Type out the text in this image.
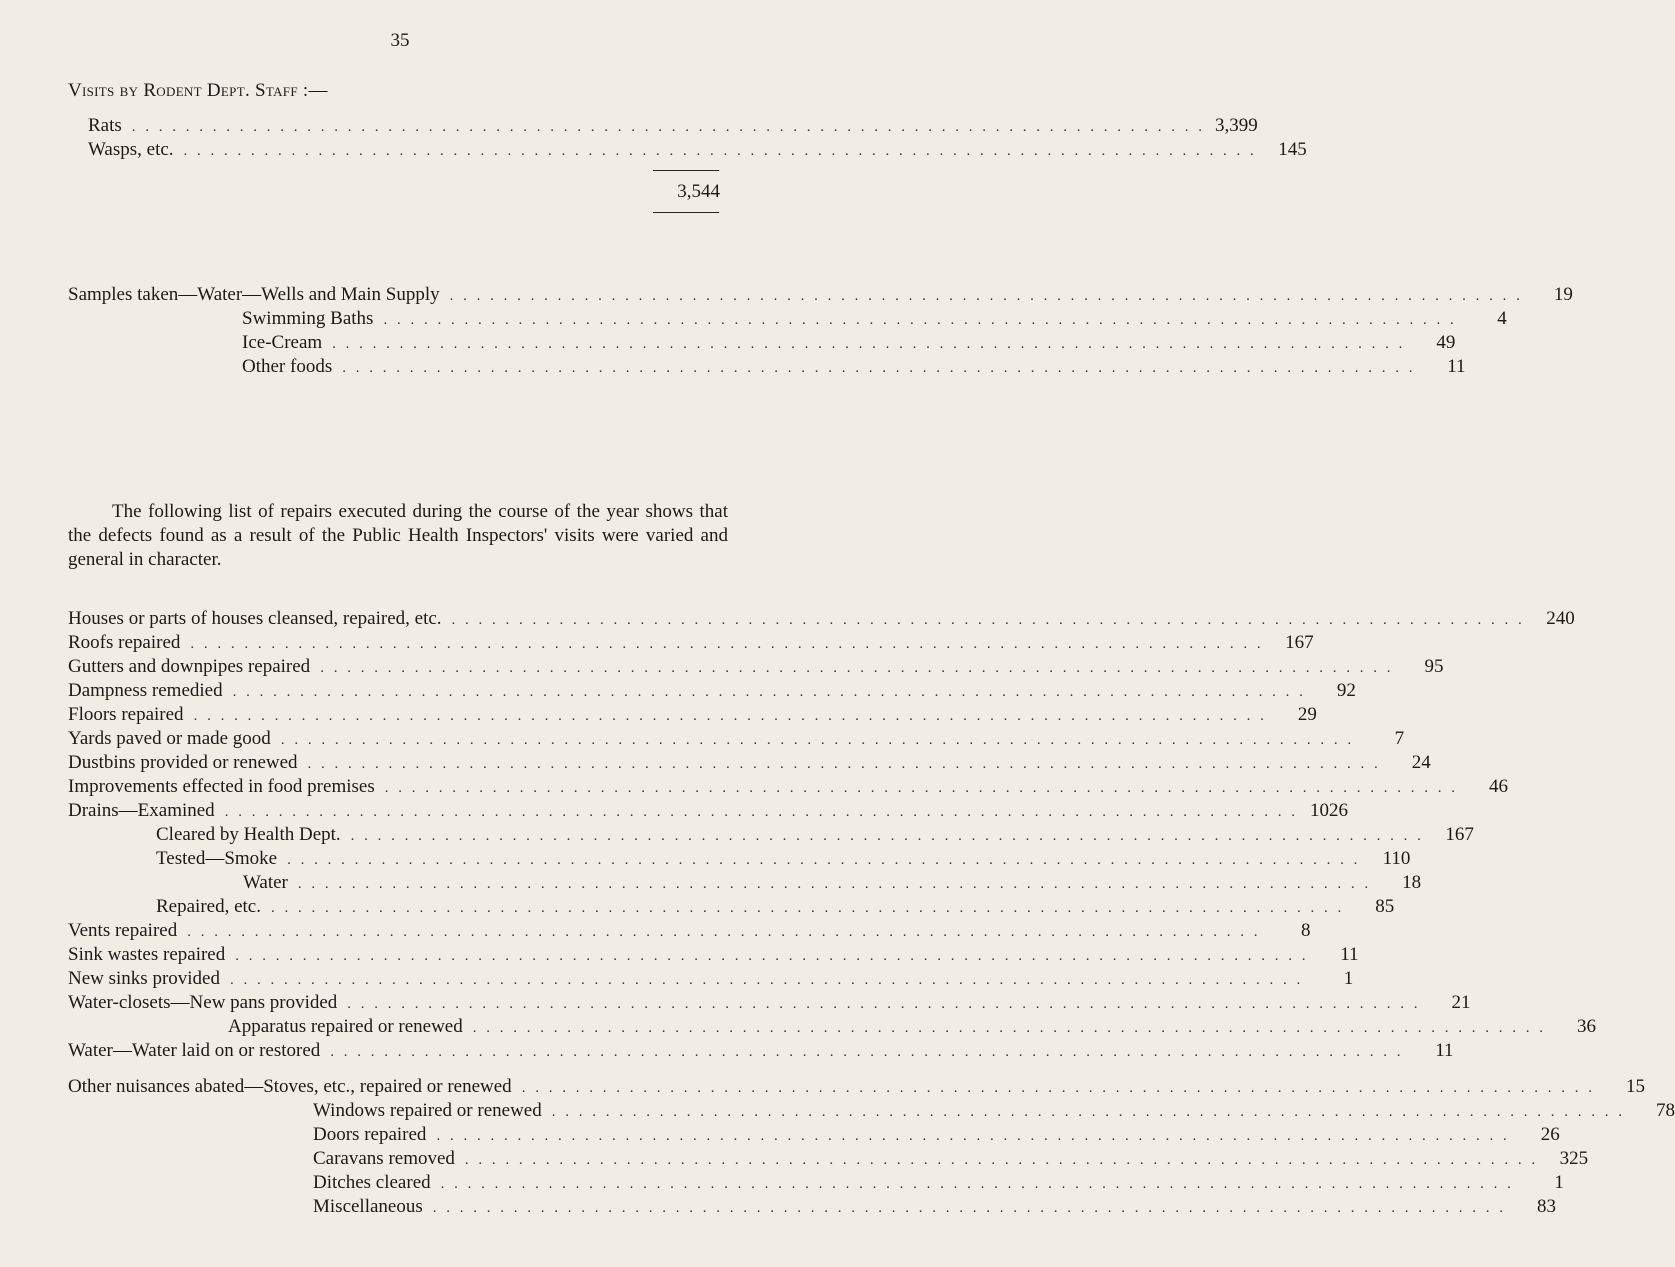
35
Visits by Rodent Dept. Staff :—
Rats . . . . . . . . . . . . . . . . . . . . . . . . . . . . . . . . . . . . . . . . . . . . . . . . . . . . . . . . . . . . . . . . . . . . . . . . . . . . . . . . 3,399
Wasps, etc. . . . . . . . . . . . . . . . . . . . . . . . . . . . . . . . . . . . . . . . . . . . . . . . . . . . . . . . . . . . . . . . . . . . . . . . . . . . . . . . .	145
3,544
Samples taken—Water—Wells and Main Supply . . . . . . . . . . . . . . . . . . . . . . . . . . . . . . . . . . . . . . . . . . . . . . . . . . . . . . . . . . . . . . . . . . . . . . . . . . . . . . . .	19
Swimming Baths . . . . . . . . . . . . . . . . . . . . . . . . . . . . . . . . . . . . . . . . . . . . . . . . . . . . . . . . . . . . . . . . . . . . . . . . . . . . . . . .	4
Ice-Cream . . . . . . . . . . . . . . . . . . . . . . . . . . . . . . . . . . . . . . . . . . . . . . . . . . . . . . . . . . . . . . . . . . . . . . . . . . . . . . . .	49
Other foods . . . . . . . . . . . . . . . . . . . . . . . . . . . . . . . . . . . . . . . . . . . . . . . . . . . . . . . . . . . . . . . . . . . . . . . . . . . . . . . .	11
The following list of repairs executed during the course of the year shows that the defects found as a result of the Public Health Inspectors' visits were varied and general in character.
Houses or parts of houses cleansed, repaired, etc. . . . . . . . . . . . . . . . . . . . . . . . . . . . . . . . . . . . . . . . . . . . . . . . . . . . . . . . . . . . . . . . . . . . . . . . . . . . . . . . .	240
Roofs repaired . . . . . . . . . . . . . . . . . . . . . . . . . . . . . . . . . . . . . . . . . . . . . . . . . . . . . . . . . . . . . . . . . . . . . . . . . . . . . . . .	167
Gutters and downpipes repaired . . . . . . . . . . . . . . . . . . . . . . . . . . . . . . . . . . . . . . . . . . . . . . . . . . . . . . . . . . . . . . . . . . . . . . . . . . . . . . . .	95
Dampness remedied . . . . . . . . . . . . . . . . . . . . . . . . . . . . . . . . . . . . . . . . . . . . . . . . . . . . . . . . . . . . . . . . . . . . . . . . . . . . . . . .	92
Floors repaired . . . . . . . . . . . . . . . . . . . . . . . . . . . . . . . . . . . . . . . . . . . . . . . . . . . . . . . . . . . . . . . . . . . . . . . . . . . . . . . .	29
Yards paved or made good . . . . . . . . . . . . . . . . . . . . . . . . . . . . . . . . . . . . . . . . . . . . . . . . . . . . . . . . . . . . . . . . . . . . . . . . . . . . . . . .	7
Dustbins provided or renewed . . . . . . . . . . . . . . . . . . . . . . . . . . . . . . . . . . . . . . . . . . . . . . . . . . . . . . . . . . . . . . . . . . . . . . . . . . . . . . . .	24
Improvements effected in food premises . . . . . . . . . . . . . . . . . . . . . . . . . . . . . . . . . . . . . . . . . . . . . . . . . . . . . . . . . . . . . . . . . . . . . . . . . . . . . . . .	46
Drains—Examined . . . . . . . . . . . . . . . . . . . . . . . . . . . . . . . . . . . . . . . . . . . . . . . . . . . . . . . . . . . . . . . . . . . . . . . . . . . . . . . . 1026
Cleared by Health Dept. . . . . . . . . . . . . . . . . . . . . . . . . . . . . . . . . . . . . . . . . . . . . . . . . . . . . . . . . . . . . . . . . . . . . . . . . . . . . . . . .	167
Tested—Smoke . . . . . . . . . . . . . . . . . . . . . . . . . . . . . . . . . . . . . . . . . . . . . . . . . . . . . . . . . . . . . . . . . . . . . . . . . . . . . . . .	110
Water . . . . . . . . . . . . . . . . . . . . . . . . . . . . . . . . . . . . . . . . . . . . . . . . . . . . . . . . . . . . . . . . . . . . . . . . . . . . . . . .	18
Repaired, etc. . . . . . . . . . . . . . . . . . . . . . . . . . . . . . . . . . . . . . . . . . . . . . . . . . . . . . . . . . . . . . . . . . . . . . . . . . . . . . . . .	85
Vents repaired . . . . . . . . . . . . . . . . . . . . . . . . . . . . . . . . . . . . . . . . . . . . . . . . . . . . . . . . . . . . . . . . . . . . . . . . . . . . . . . .	8
Sink wastes repaired . . . . . . . . . . . . . . . . . . . . . . . . . . . . . . . . . . . . . . . . . . . . . . . . . . . . . . . . . . . . . . . . . . . . . . . . . . . . . . . .	11
New sinks provided . . . . . . . . . . . . . . . . . . . . . . . . . . . . . . . . . . . . . . . . . . . . . . . . . . . . . . . . . . . . . . . . . . . . . . . . . . . . . . . .	1
Water-closets—New pans provided . . . . . . . . . . . . . . . . . . . . . . . . . . . . . . . . . . . . . . . . . . . . . . . . . . . . . . . . . . . . . . . . . . . . . . . . . . . . . . . .	21
Apparatus repaired or renewed . . . . . . . . . . . . . . . . . . . . . . . . . . . . . . . . . . . . . . . . . . . . . . . . . . . . . . . . . . . . . . . . . . . . . . . . . . . . . . . .	36
Water—Water laid on or restored . . . . . . . . . . . . . . . . . . . . . . . . . . . . . . . . . . . . . . . . . . . . . . . . . . . . . . . . . . . . . . . . . . . . . . . . . . . . . . . .	11
Other nuisances abated—Stoves, etc., repaired or renewed . . . . . . . . . . . . . . . . . . . . . . . . . . . . . . . . . . . . . . . . . . . . . . . . . . . . . . . . . . . . . . . . . . . . . . . . . . . . . . . .	15
Windows repaired or renewed . . . . . . . . . . . . . . . . . . . . . . . . . . . . . . . . . . . . . . . . . . . . . . . . . . . . . . . . . . . . . . . . . . . . . . . . . . . . . . . .	78
Doors repaired . . . . . . . . . . . . . . . . . . . . . . . . . . . . . . . . . . . . . . . . . . . . . . . . . . . . . . . . . . . . . . . . . . . . . . . . . . . . . . . .	26
Caravans removed . . . . . . . . . . . . . . . . . . . . . . . . . . . . . . . . . . . . . . . . . . . . . . . . . . . . . . . . . . . . . . . . . . . . . . . . . . . . . . . .	325
Ditches cleared . . . . . . . . . . . . . . . . . . . . . . . . . . . . . . . . . . . . . . . . . . . . . . . . . . . . . . . . . . . . . . . . . . . . . . . . . . . . . . . .	1
Miscellaneous . . . . . . . . . . . . . . . . . . . . . . . . . . . . . . . . . . . . . . . . . . . . . . . . . . . . . . . . . . . . . . . . . . . . . . . . . . . . . . . .	83
